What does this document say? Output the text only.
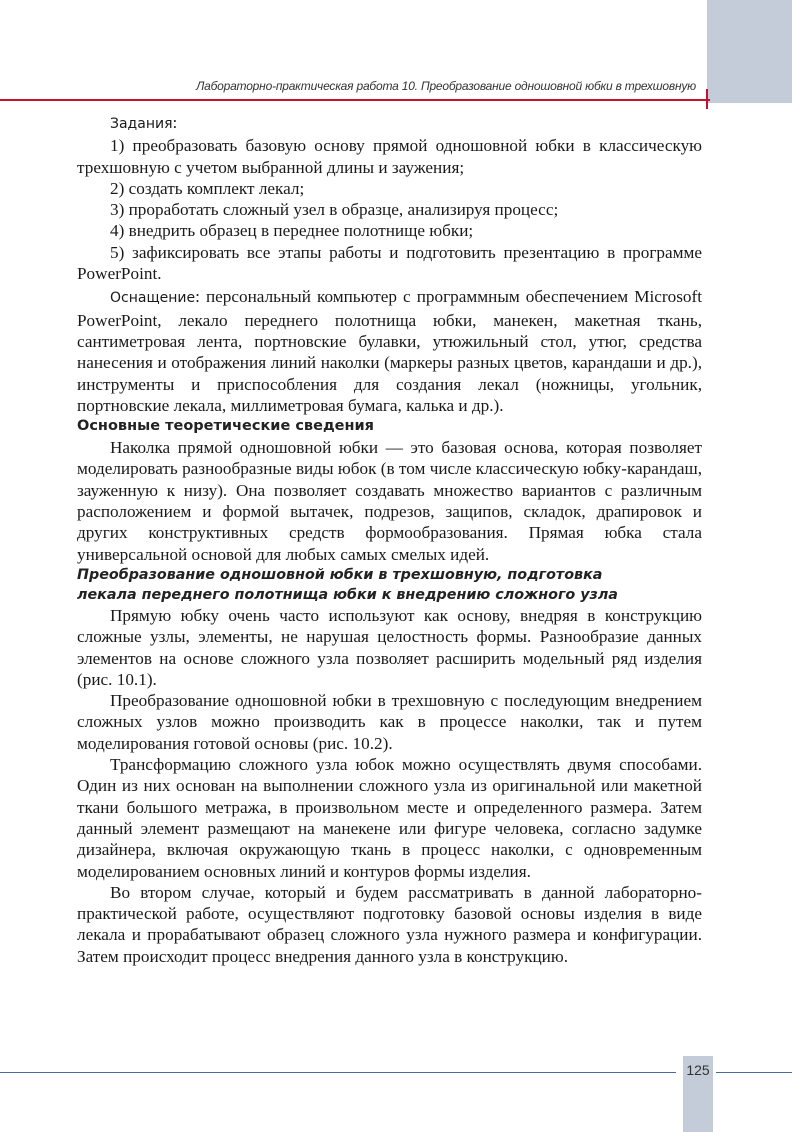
Лабораторно-практическая работа 10. Преобразование одношовной юбки в трехшовную

Задания:

1) преобразовать базовую основу прямой одношовной юбки в классическую трехшовную с учетом выбранной длины и заужения;

2) создать комплект лекал;

3) проработать сложный узел в образце, анализируя процесс;

4) внедрить образец в переднее полотнище юбки;

5) зафиксировать все этапы работы и подготовить презентацию в программе PowerPoint.

Оснащение: персональный компьютер с программным обеспечением Microsoft PowerPoint, лекало переднего полотнища юбки, манекен, макетная ткань, сантиметровая лента, портновские булавки, утюжильный стол, утюг, средства нанесения и отображения линий наколки (маркеры разных цветов, карандаши и др.), инструменты и приспособления для создания лекал (ножницы, угольник, портновские лекала, миллиметровая бумага, калька и др.).

Основные теоретические сведения

Наколка прямой одношовной юбки — это базовая основа, которая позволяет моделировать разнообразные виды юбок (в том числе классическую юбку-карандаш, зауженную к низу). Она позволяет создавать множество вариантов с различным расположением и формой вытачек, подрезов, защипов, складок, драпировок и других конструктивных средств формообразования. Прямая юбка стала универсальной основой для любых самых смелых идей.

Преобразование одношовной юбки в трехшовную, подготовка
лекала переднего полотнища юбки к внедрению сложного узла

Прямую юбку очень часто используют как основу, внедряя в конструкцию сложные узлы, элементы, не нарушая целостность формы. Разнообразие данных элементов на основе сложного узла позволяет расширить модельный ряд изделия (рис. 10.1).

Преобразование одношовной юбки в трехшовную с последующим внедрением сложных узлов можно производить как в процессе наколки, так и путем моделирования готовой основы (рис. 10.2).

Трансформацию сложного узла юбок можно осуществлять двумя способами. Один из них основан на выполнении сложного узла из оригинальной или макетной ткани большого метража, в произвольном месте и определенного размера. Затем данный элемент размещают на манекене или фигуре человека, согласно задумке дизайнера, включая окружающую ткань в процесс наколки, с одновременным моделированием основных линий и контуров формы изделия.

Во втором случае, который и будем рассматривать в данной лабораторно-практической работе, осуществляют подготовку базовой основы изделия в виде лекала и прорабатывают образец сложного узла нужного размера и конфигурации. Затем происходит процесс внедрения данного узла в конструкцию.

125
